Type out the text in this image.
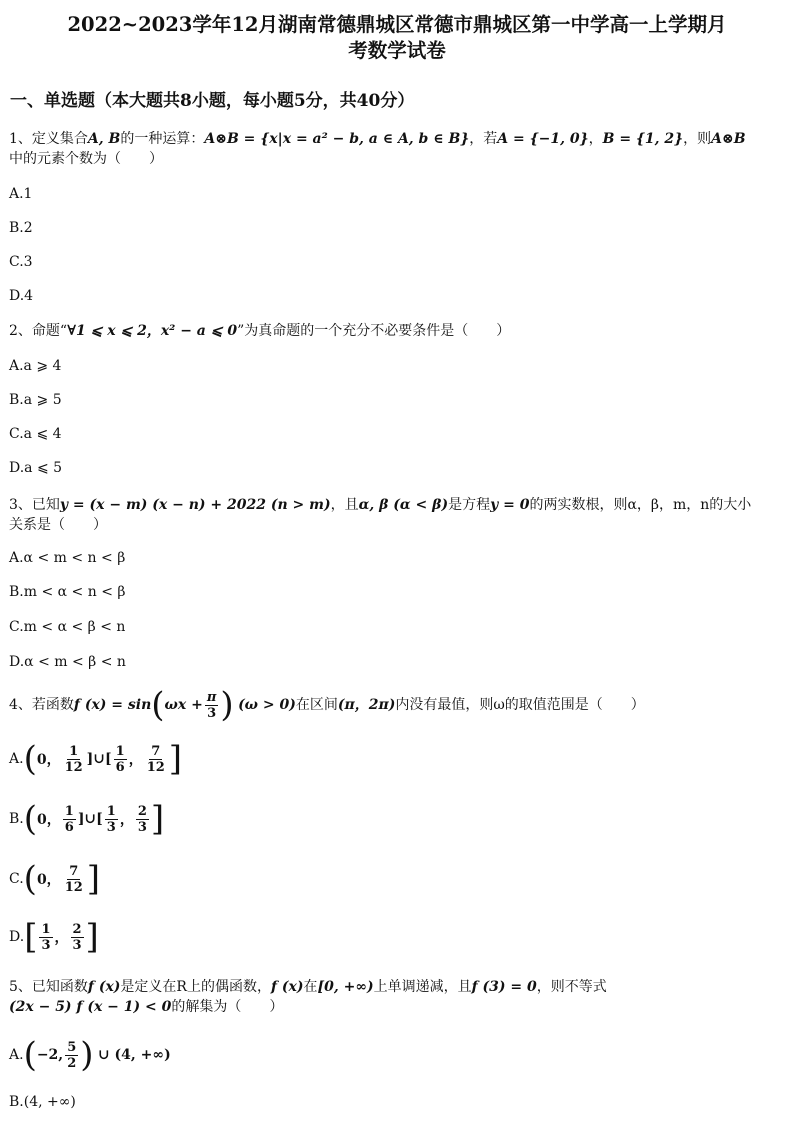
2022~2023学年12月湖南常德鼎城区常德市鼎城区第一中学高一上学期月
考数学试卷
一、单选题（本大题共8小题，每小题5分，共40分）
1、定义集合A, B的一种运算：A⊗B = {x|x = a² − b, a ∈ A, b ∈ B}，若A = {−1, 0}，B = {1, 2}，则A⊗B
中的元素个数为（　　）
A.1
B.2
C.3
D.4
2、命题“∀1 ⩽ x ⩽ 2，x² − a ⩽ 0”为真命题的一个充分不必要条件是（　　）
A.a ⩾ 4
B.a ⩾ 5
C.a ⩽ 4
D.a ⩽ 5
3、已知y = (x − m) (x − n) + 2022 (n > m)，且α, β (α < β)是方程y = 0的两实数根，则α，β，m，n的大小
关系是（　　）
A.α < m < n < β
B.m < α < n < β
C.m < α < β < n
D.α < m < β < n
4、若函数 f (x) = sin ( $\omega x + \frac{\pi}{3}$ )
(ω > 0) 在区间 (π，2π) 内没有最值，则ω的取值范围是（　　）
A. ( 0， $\frac{1}{12}$ ]∪[ $\frac{1}{6}$ ， $\frac{7}{12}$ ]
B. ( 0， $\frac{1}{6}$ ]∪[ $\frac{1}{3}$ ， $\frac{2}{3}$ ]
C. ( 0， $\frac{7}{12}$ ]
D. [ $\frac{1}{3}$ ， $\frac{2}{3}$ ]
5、已知函数f (x)是定义在R上的偶函数，f (x)在[0, +∞)上单调递减，且f (3) = 0，则不等式
(2x − 5) f (x − 1) < 0的解集为（　　）
A. ( −2, $\frac{5}{2}$ )
∪ (4, +∞)
B.(4, +∞)
